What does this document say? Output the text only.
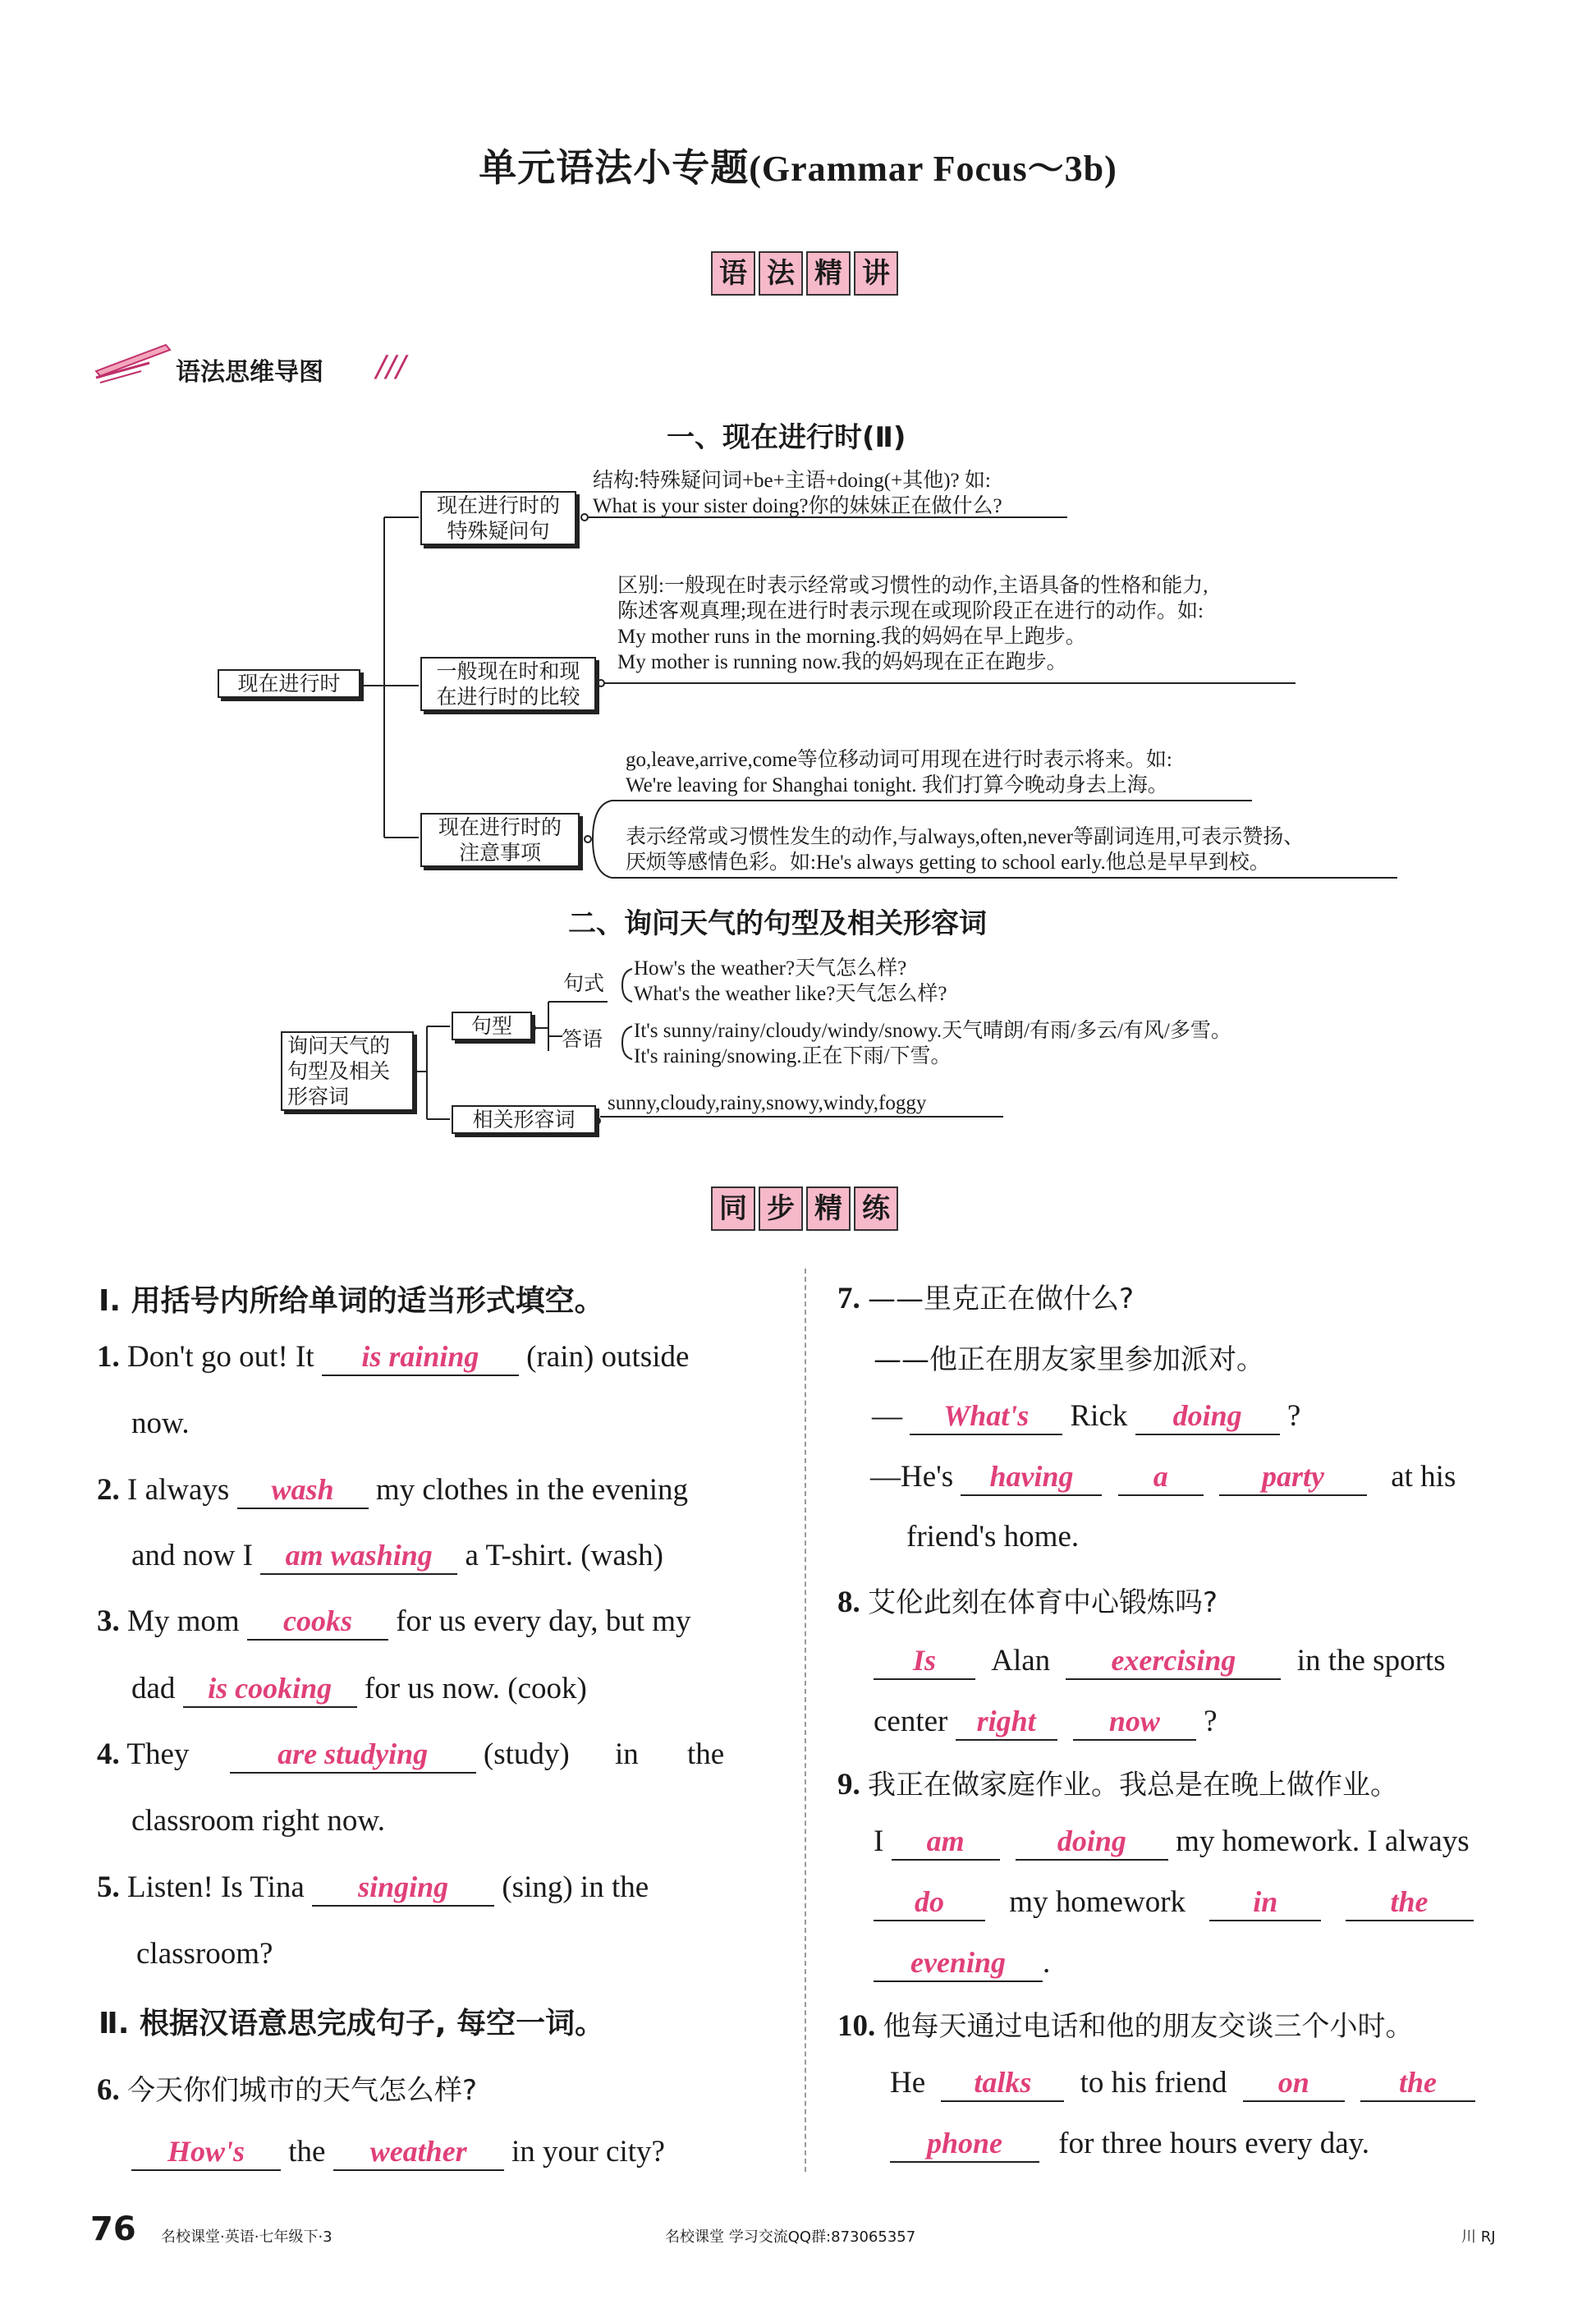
单元语法小专题(Grammar Focus～3b)
语 法 精 讲
语法思维导图 ///
一、现在进行时(Ⅱ)
现在进行时
现在进行时的
特殊疑问句
结构:特殊疑问词+be+主语+doing(+其他)? 如:
What is your sister doing?你的妹妹正在做什么?
一般现在时和现
在进行时的比较
区别:一般现在时表示经常或习惯性的动作,主语具备的性格和能力,
陈述客观真理;现在进行时表示现在或现阶段正在进行的动作。如:
My mother runs in the morning.我的妈妈在早上跑步。
My mother is running now.我的妈妈现在正在跑步。
现在进行时的
注意事项
go,leave,arrive,come等位移动词可用现在进行时表示将来。如:
We're leaving for Shanghai tonight. 我们打算今晚动身去上海。
表示经常或习惯性发生的动作,与always,often,never等副词连用,可表示赞扬、
厌烦等感情色彩。如:He's always getting to school early.他总是早早到校。
二、询问天气的句型及相关形容词
询问天气的
句型及相关
形容词
句型
句式
How's the weather?天气怎么样?
What's the weather like?天气怎么样?
答语 It's sunny/rainy/cloudy/windy/snowy.天气晴朗/有雨/多云/有风/多雪。
It's raining/snowing.正在下雨/下雪。
相关形容词
sunny,cloudy,rainy,snowy,windy,foggy
同 步 精 练
Ⅰ. 用括号内所给单词的适当形式填空。
1. Don't go out! It is raining (rain) outside
now.
2. I always wash my clothes in the evening
and now I am washing a T-shirt. (wash)
3. My mom cooks for us every day, but my
dad is cooking for us now. (cook)
4. They	are studying (study) in the
classroom right now.
5. Listen! Is Tina singing (sing) in the
classroom?
Ⅱ. 根据汉语意思完成句子, 每空一词。
6. 今天你们城市的天气怎么样?
How's the weather in your city?
7. ——里克正在做什么?
——他正在朋友家里参加派对。
— What's Rick doing ?
—He's having	a	party at his
friend's home.
8. 艾伦此刻在体育中心锻炼吗?
Is Alan exercising in the sports
center right now ?
9. 我正在做家庭作业。我总是在晚上做作业。
I am	doing my homework. I always
do my homework in	the
evening .
10. 他每天通过电话和他的朋友交谈三个小时。
He talks to his friend on	the
phone for three hours every day.
76 名校课堂·英语·七年级下·3	名校课堂 学习交流QQ群:873065357	川 RJ
